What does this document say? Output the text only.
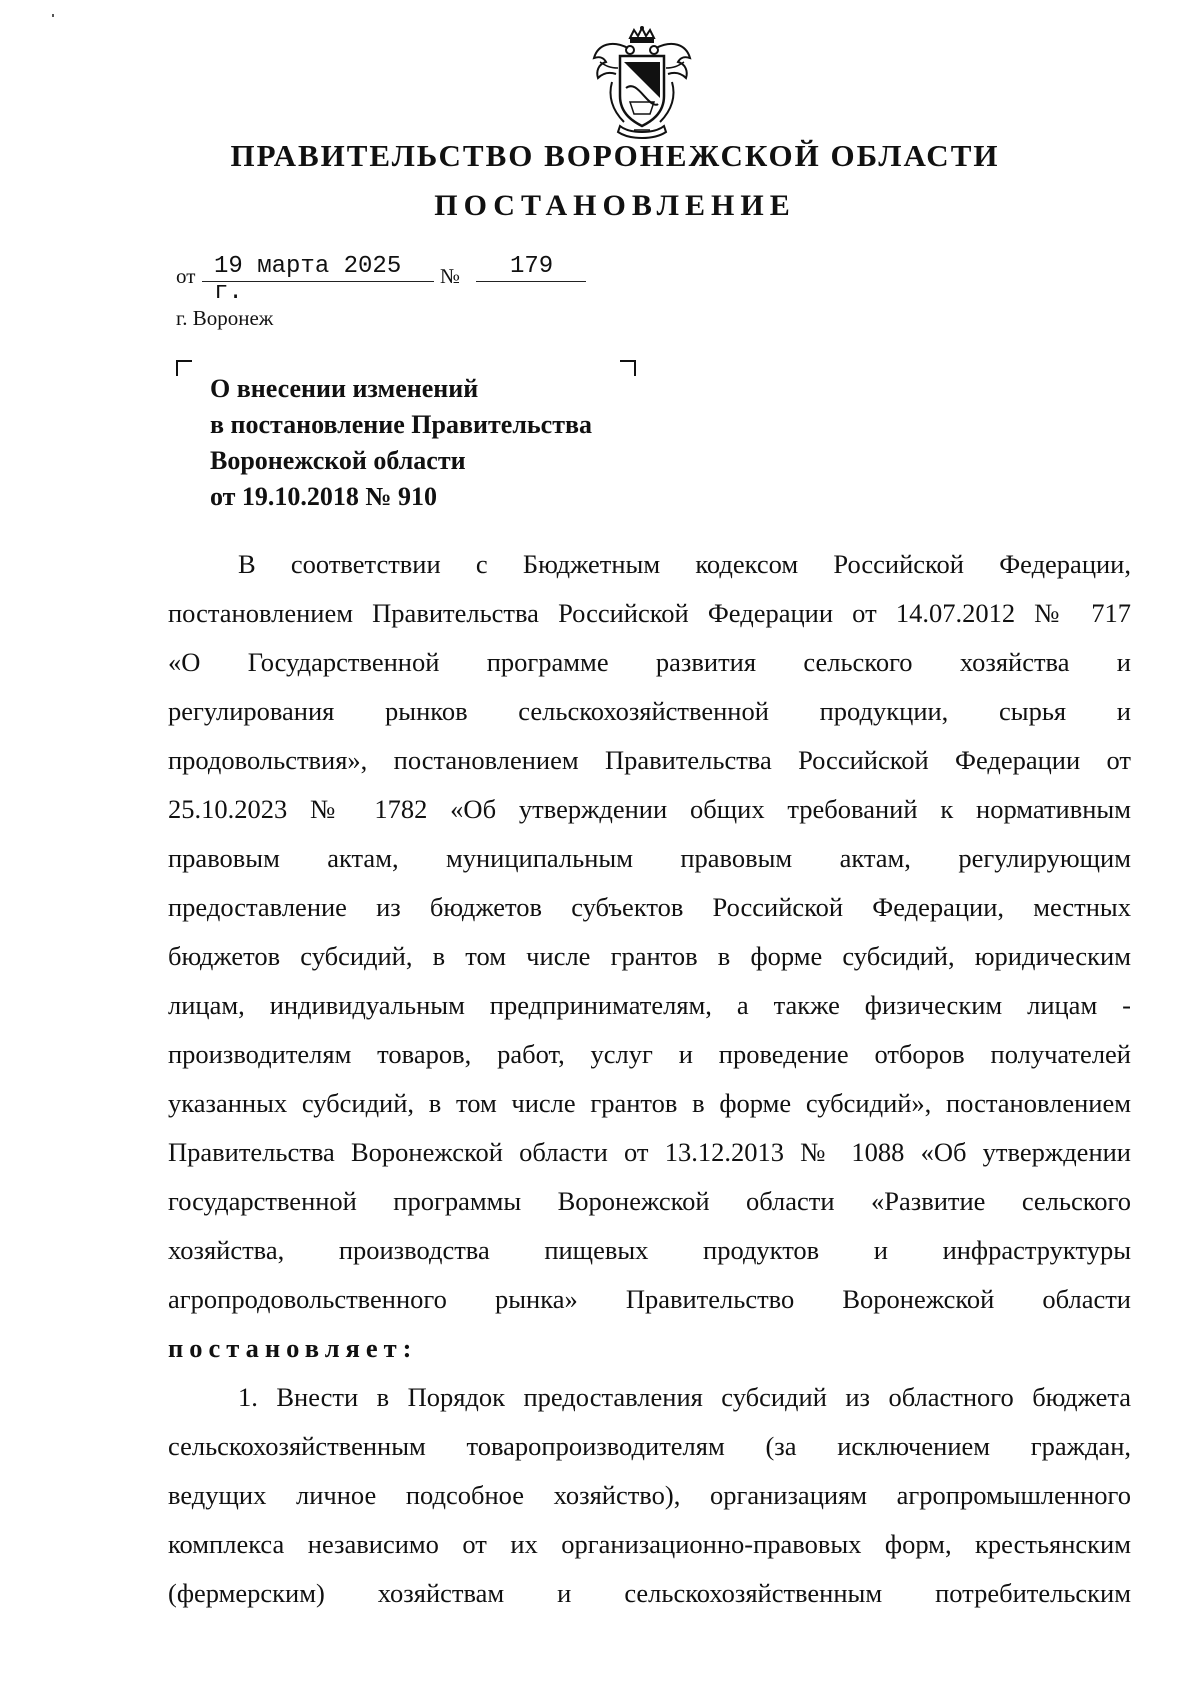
ПРАВИТЕЛЬСТВО ВОРОНЕЖСКОЙ ОБЛАСТИ
ПОСТАНОВЛЕНИЕ
от 19 марта 2025 г.
№	179
г. Воронеж
О внесении изменений
в постановление Правительства
Воронежской области
от 19.10.2018 № 910
В соответствии с Бюджетным кодексом Российской Федерации,
постановлением Правительства Российской Федерации от 14.07.2012 № 717
«О Государственной программе развития сельского хозяйства и
регулирования рынков сельскохозяйственной продукции, сырья и
продовольствия», постановлением Правительства Российской Федерации от
25.10.2023 № 1782 «Об утверждении общих требований к нормативным
правовым актам, муниципальным правовым актам, регулирующим
предоставление из бюджетов субъектов Российской Федерации, местных
бюджетов субсидий, в том числе грантов в форме субсидий, юридическим
лицам, индивидуальным предпринимателям, а также физическим лицам -
производителям товаров, работ, услуг и проведение отборов получателей
указанных субсидий, в том числе грантов в форме субсидий», постановлением
Правительства Воронежской области от 13.12.2013 № 1088 «Об утверждении
государственной программы Воронежской области «Развитие сельского
хозяйства, производства пищевых продуктов и инфраструктуры
агропродовольственного рынка» Правительство Воронежской области
постановляет:
1. Внести в Порядок предоставления субсидий из областного бюджета
сельскохозяйственным товаропроизводителям (за исключением граждан,
ведущих личное подсобное хозяйство), организациям агропромышленного
комплекса независимо от их организационно-правовых форм, крестьянским
(фермерским) хозяйствам и сельскохозяйственным потребительским
